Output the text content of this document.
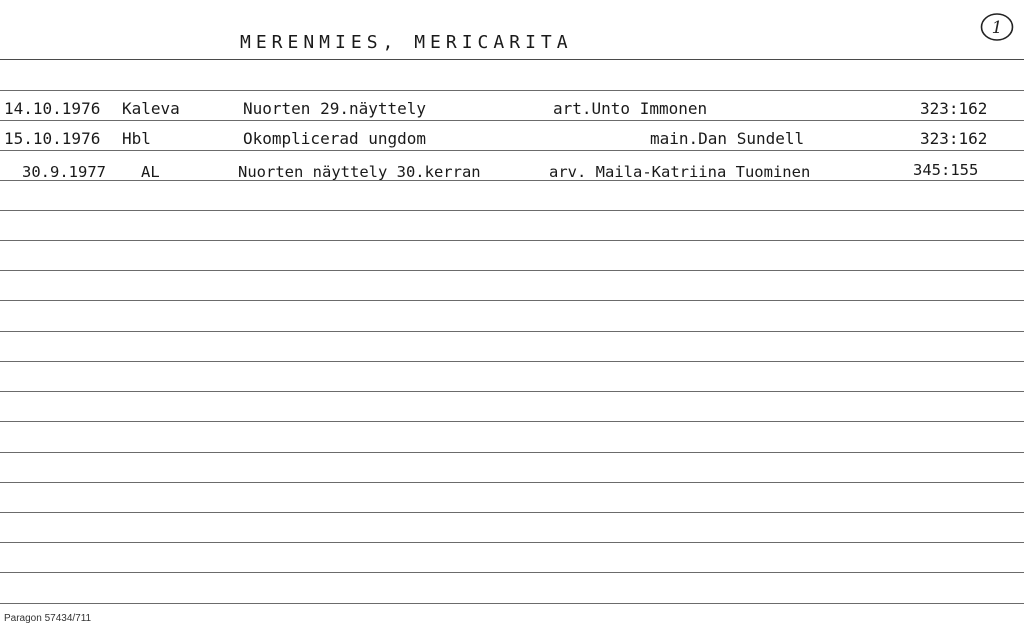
MERENMIES, MERICARITA
1
14.10.1976 Kaleva	Nuorten 29.näyttely	art.Unto Immonen	323:162
15.10.1976 Hbl	Okomplicerad ungdom	main.Dan Sundell	323:162
30.9.1977 AL	Nuorten näyttely 30.kerran	arv. Maila-Katriina Tuominen	345:155
Paragon 57434/711
